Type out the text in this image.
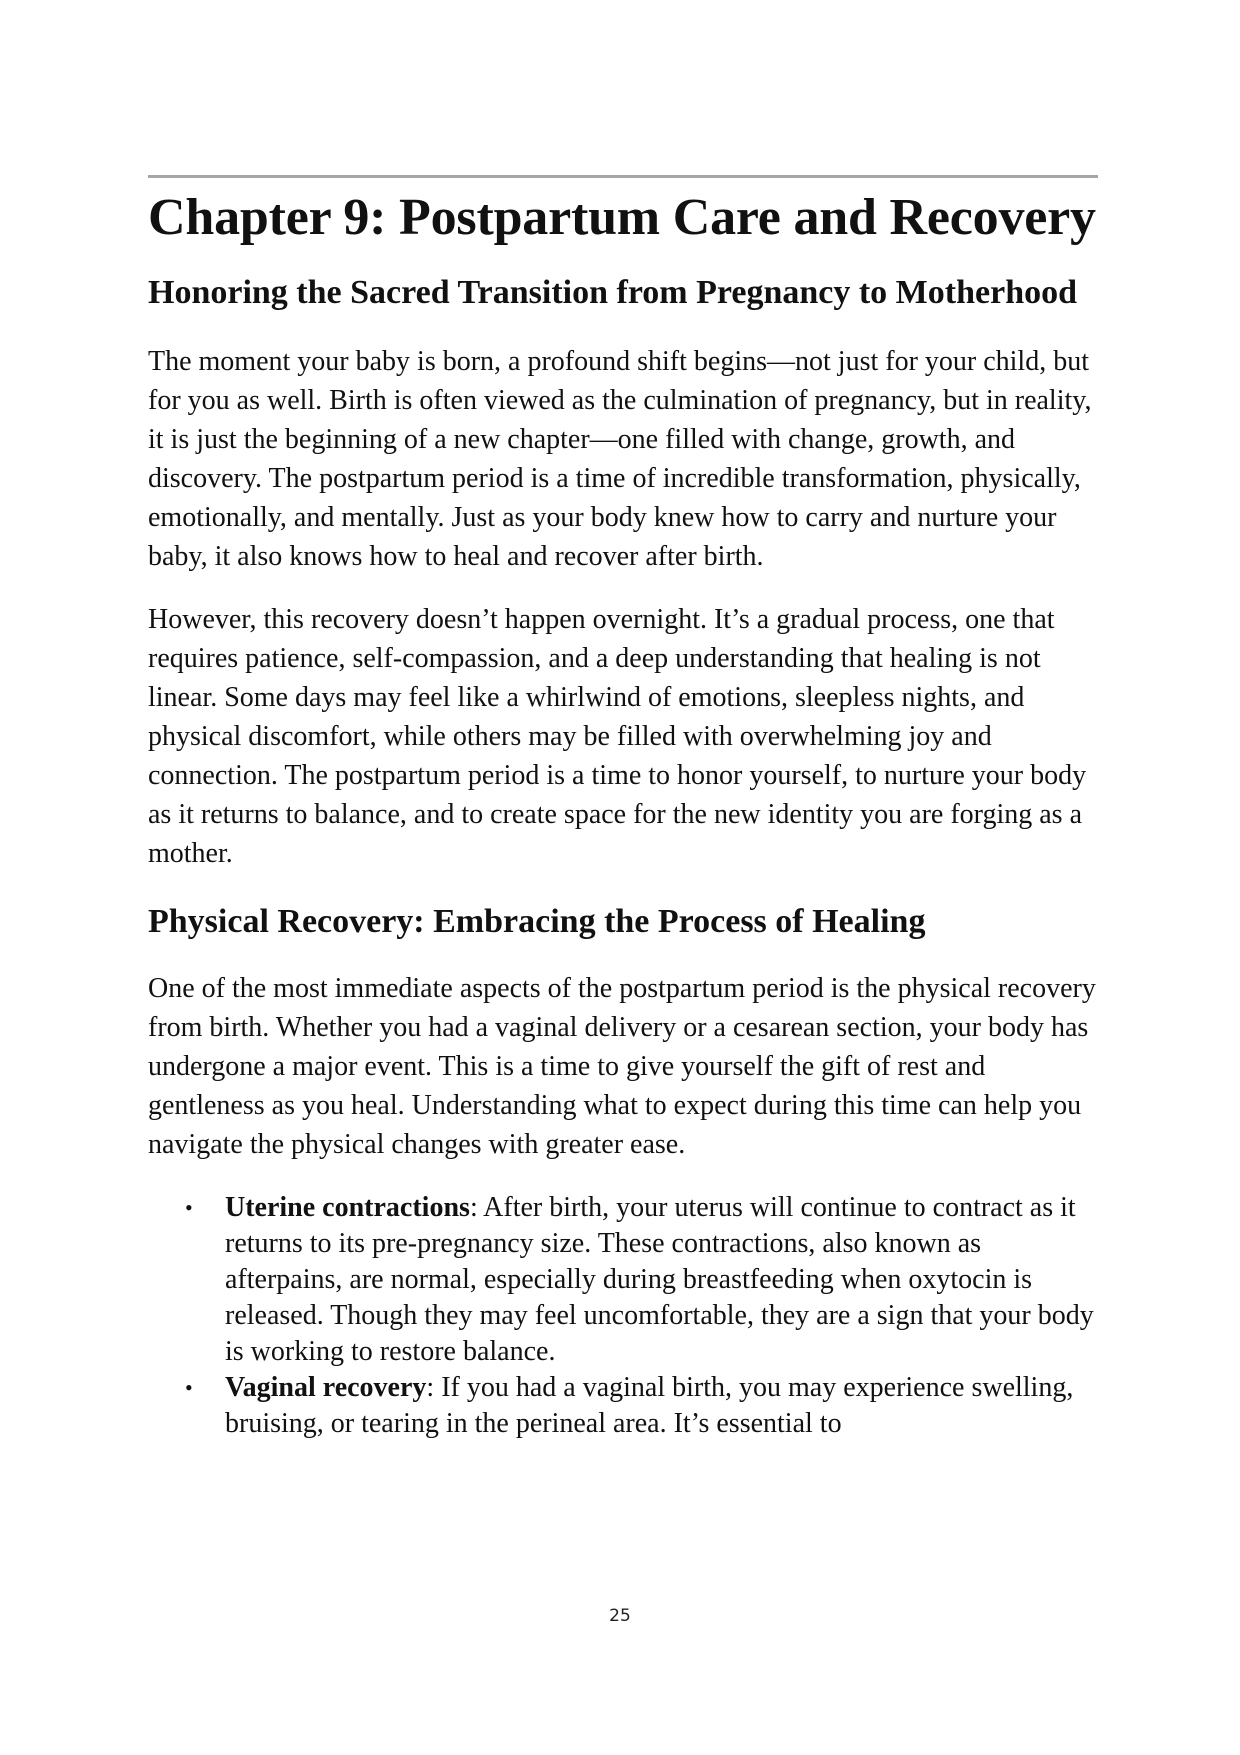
Chapter 9: Postpartum Care and Recovery
Honoring the Sacred Transition from Pregnancy to Motherhood

The moment your baby is born, a profound shift begins—not just for your child, but for you as well. Birth is often viewed as the culmination of pregnancy, but in reality, it is just the beginning of a new chapter—one filled with change, growth, and discovery. The postpartum period is a time of incredible transformation, physically, emotionally, and mentally. Just as your body knew how to carry and nurture your baby, it also knows how to heal and recover after birth.

However, this recovery doesn’t happen overnight. It’s a gradual process, one that requires patience, self-compassion, and a deep understanding that healing is not linear. Some days may feel like a whirlwind of emotions, sleepless nights, and physical discomfort, while others may be filled with overwhelming joy and connection. The postpartum period is a time to honor yourself, to nurture your body as it returns to balance, and to create space for the new identity you are forging as a mother.

Physical Recovery: Embracing the Process of Healing

One of the most immediate aspects of the postpartum period is the physical recovery from birth. Whether you had a vaginal delivery or a cesarean section, your body has undergone a major event. This is a time to give yourself the gift of rest and gentleness as you heal. Understanding what to expect during this time can help you navigate the physical changes with greater ease.

• Uterine contractions: After birth, your uterus will continue to contract as it returns to its pre-pregnancy size. These contractions, also known as afterpains, are normal, especially during breastfeeding when oxytocin is released. Though they may feel uncomfortable, they are a sign that your body is working to restore balance.
• Vaginal recovery: If you had a vaginal birth, you may experience swelling, bruising, or tearing in the perineal area. It’s essential to
25
